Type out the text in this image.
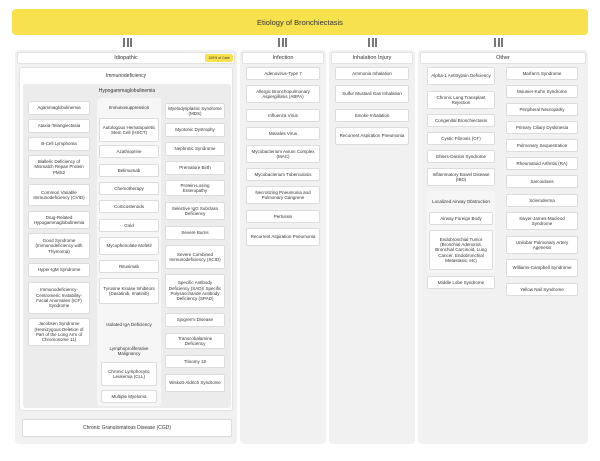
Etiology of Bronchiectasis
Idiopathic	100% of Care
Immunodeficiency
Hypogammaglobulinemia
Agammaglobulinemia
Ataxia-Telangiectasia
B-Cell Lymphoma
Biallelic Deficiency of Mismatch Repair Protein PMS2
Common Variable Immunodeficiency (CVID)
Drug-Related Hypogammaglobulinemia
Good Syndrome (Immunodeficiency with Thymoma)
Hyper-IgM Syndrome
Immunodeficiency-Centromeric Instability-Facial Anomalies (ICF) Syndrome
Jacobsen Syndrome (Hemizygous Deletion of Part of the Long Arm of Chromosome 11)
Immunosuppression
Autologous Hematopoietic Stem Cell (HSCT)
Azathioprine
Belimumab
Chemotherapy
Corticosteroids
Gold
Mycophenolate Mofetil
Rituximab
Tyrosine Kinase Inhibitors (Dasatinib, Imatinib)
Isolated IgA Deficiency
Lymphoproliferative Malignancy
Chronic Lymphocytic Leukemia (CLL)
Multiple Myeloma
Myelodysplastic Syndrome (MDS)
Myotonic Dystrophy
Nephrotic Syndrome
Premature Birth
Protein-Losing Enteropathy
Selective IgG Subclass Deficiency
Severe Burns
Severe Combined Immunodeficiency (SCID)
Specific Antibody Deficiency (SAD)/ Specific Polysaccharide Antibody Deficiency (SPAD)
Sjogren's Disease
Transcobalamine Deficiency
Trisomy 18
Wiskott-Aldrich Syndrome
Chronic Granulomatous Disease (CGD)
Infection
Adenovirus-Type 7
Allergic Bronchopulmonary Aspergillosis (ABPA)
Influenza Virus
Measles Virus
Mycobacterium Avium Complex (MAC)
Mycobacterium Tuberculosis
Necrotizing Pneumonia and Pulmonary Gangrene
Pertussis
Recurrent Aspiration Pneumonia
Inhalation Injury
Ammonia Inhalation
Sulfur Mustard Gas Inhalation
Smoke Inhalation
Recurrent Aspiration Pneumonia
Other
Alpha-1 Antitrypsin Deficiency
Chronic Lung Transplant Rejection
Congenital Bronchiectasis
Cystic Fibrosis (CF)
Ehlers-Danlos Syndrome
Inflammatory Bowel Disease (IBD)
Localized Airway Obstruction
Airway Foreign Body
Endobronchial Tumor (Bronchial Adenoma, Bronchial Carcinoid, Lung Cancer, Endobronchial Metastasis, etc)
Middle Lobe Syndrome
Marfan's Syndrome
Mounier-Kuhn Syndrome
Peripheral Neuropathy
Primary Ciliary Dyskinesia
Pulmonary Sequestration
Rheumatoid Arthritis (RA)
Sarcoidosis
Scleroderma
Swyer-James-Macleod Syndrome
Unilobar Pulmonary Artery Agenesis
Williams-Campbell Syndrome
Yellow Nail Syndrome
